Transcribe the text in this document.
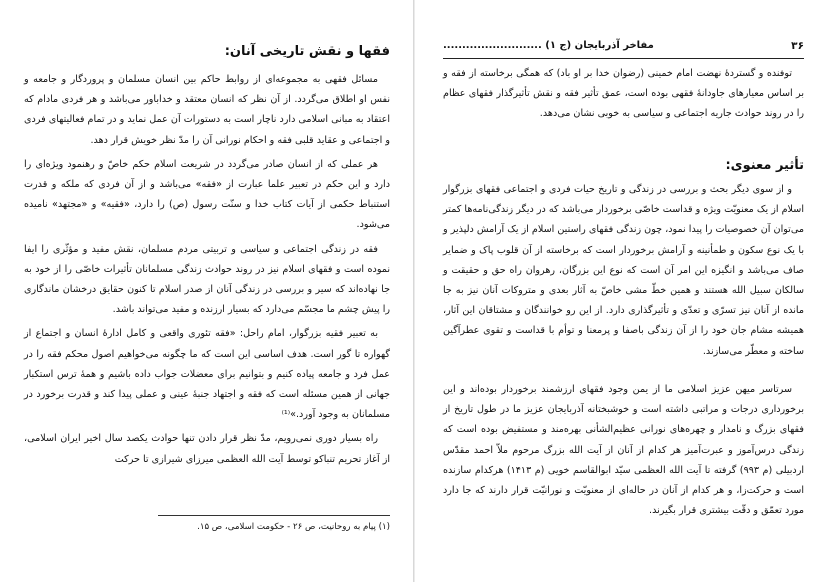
فقها و نقش تاریخی آنان:

مسائل فقهی به مجموعه‌ای از روابط حاکم بین انسان مسلمان و پروردگار و جامعه و نفس او اطلاق می‌گردد. از آن نظر که انسان معتقد و خداباور می‌باشد و هر فردی مادام که اعتقاد به مبانی اسلامی دارد ناچار است به دستورات آن عمل نماید و در تمام فعالیتهای فردی و اجتماعی و عقاید قلبی فقه و احکام نورانی آن را مدّ نظر خویش قرار دهد.

هر عملی که از انسان صادر می‌گردد در شریعت اسلام حکم خاصّ و رهنمود ویژه‌ای را دارد و این حکم در تعبیر علما عبارت از «فقه» می‌باشد و از آن فردی که ملکه و قدرت استنباط حکمی از آیات کتاب خدا و سنّت رسول (ص) را دارد، «فقیه» و «مجتهد» نامیده می‌شود.

فقه در زندگی اجتماعی و سیاسی و تربیتی مردم مسلمان، نقش مفید و مؤثّری را ایفا نموده است و فقهای اسلام نیز در روند حوادث زندگی مسلمانان تأثیرات خاصّی را از خود به جا نهاده‌اند که سیر و بررسی در زندگی آنان از صدر اسلام تا کنون حقایق درخشان ماندگاری را پیش چشم ما مجسّم می‌دارد که بسیار ارزنده و مفید می‌تواند باشد.

به تعبیر فقیه بزرگوار، امام راحل: «فقه تئوری واقعی و کامل ادارهٔ انسان و اجتماع از گهواره تا گور است. هدف اساسی این است که ما چگونه می‌خواهیم اصول محکم فقه را در عمل فرد و جامعه پیاده کنیم و بتوانیم برای معضلات جواب داده باشیم و همهٔ ترس استکبار جهانی از همین مسئله است که فقه و اجتهاد جنبهٔ عینی و عملی پیدا کند و قدرت برخورد در مسلمانان به وجود آورد.»⁽¹⁾

راه بسیار دوری نمی‌رویم، مدّ نظر قرار دادن تنها حوادث یکصد سال اخیر ایران اسلامی، از آغاز تحریم تنباکو توسط آیت الله العظمی میرزای شیرازی تا حرکت

(۱) پیام به روحانیت، ص ۲۶ - حکومت اسلامی، ص ۱۵.
۳۶
مفاخر آذربایجان (ج ۱) ..........................

توفنده و گستردهٔ نهضت امام خمینی (رضوان خدا بر او باد) که همگی برخاسته از فقه و بر اساس معیارهای جاودانهٔ فقهی بوده است، عمق تأثیر فقه و نقش تأثیرگذار فقهای عظام را در روند حوادث جاریه اجتماعی و سیاسی به خوبی نشان می‌دهد.

تأثیر معنوی:

و از سوی دیگر بحث و بررسی در زندگی و تاریخ حیات فردی و اجتماعی فقهای بزرگوار اسلام از یک معنویّت ویژه و قداست خاصّی برخوردار می‌باشد که در دیگر زندگی‌نامه‌ها کمتر می‌توان آن خصوصیات را پیدا نمود، چون زندگی فقهای راستین اسلام از یک آرامش دلپذیر و با یک نوع سکون و طمأنینه و آرامش برخوردار است که برخاسته از آن قلوب پاک و ضمایر صاف می‌باشد و انگیزه این امر آن است که نوع این بزرگان، رهروان راه حق و حقیقت و سالکان سبیل الله هستند و همین خطّ مشی خاصّ به آثار بعدی و متروکات آنان نیز به جا مانده از آنان نیز تسرّی و تعدّی و تأثیرگذاری دارد. از این رو خوانندگان و مشتاقان این آثار، همیشه مشام جان خود را از آن زندگی باصفا و پرمعنا و توأم با قداست و تقوی عطرآگین ساخته و معطّر می‌سازند.

سرتاسر میهن عزیز اسلامی ما از یمن وجود فقهای ارزشمند برخوردار بوده‌اند و این برخورداری درجات و مراتبی داشته است و خوشبختانه آذربایجان عزیز ما در طول تاریخ از فقهای بزرگ و نامدار و چهره‌های نورانی عظیم‌الشأنی بهره‌مند و مستفیض بوده است که زندگی درس‌آموز و عبرت‌آمیز هر کدام از آنان از آیت الله بزرگ مرحوم ملاّ احمد مقدّس اردبیلی (م ۹۹۳) گرفته تا آیت الله العظمی سیّد ابوالقاسم خویی (م ۱۴۱۳) هرکدام سازنده است و حرکت‌زا، و هر کدام از آنان در حاله‌ای از معنویّت و نورانیّت قرار دارند که جا دارد مورد تعمّق و دقّت بیشتری قرار بگیرند.
